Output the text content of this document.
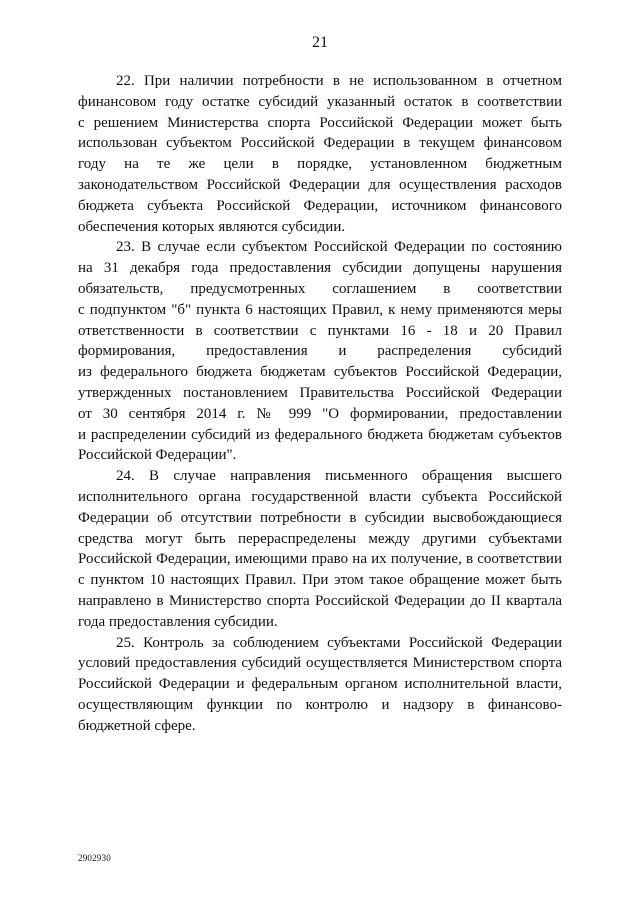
21
22. При наличии потребности в не использованном в отчетном
финансовом году остатке субсидий указанный остаток в соответствии
с решением Министерства спорта Российской Федерации может быть
использован субъектом Российской Федерации в текущем финансовом
году на те же цели в порядке, установленном бюджетным
законодательством Российской Федерации для осуществления расходов
бюджета субъекта Российской Федерации, источником финансового
обеспечения которых являются субсидии.
23. В случае если субъектом Российской Федерации по состоянию
на 31 декабря года предоставления субсидии допущены нарушения
обязательств, предусмотренных соглашением в соответствии
с подпунктом "б" пункта 6 настоящих Правил, к нему применяются меры
ответственности в соответствии с пунктами 16 - 18 и 20 Правил
формирования, предоставления и распределения субсидий
из федерального бюджета бюджетам субъектов Российской Федерации,
утвержденных постановлением Правительства Российской Федерации
от 30 сентября 2014 г. № 999 "О формировании, предоставлении
и распределении субсидий из федерального бюджета бюджетам субъектов
Российской Федерации".
24. В случае направления письменного обращения высшего
исполнительного органа государственной власти субъекта Российской
Федерации об отсутствии потребности в субсидии высвобождающиеся
средства могут быть перераспределены между другими субъектами
Российской Федерации, имеющими право на их получение, в соответствии
с пунктом 10 настоящих Правил. При этом такое обращение может быть
направлено в Министерство спорта Российской Федерации до II квартала
года предоставления субсидии.
25. Контроль за соблюдением субъектами Российской Федерации
условий предоставления субсидий осуществляется Министерством спорта
Российской Федерации и федеральным органом исполнительной власти,
осуществляющим функции по контролю и надзору в финансово-
бюджетной сфере.
2902930
